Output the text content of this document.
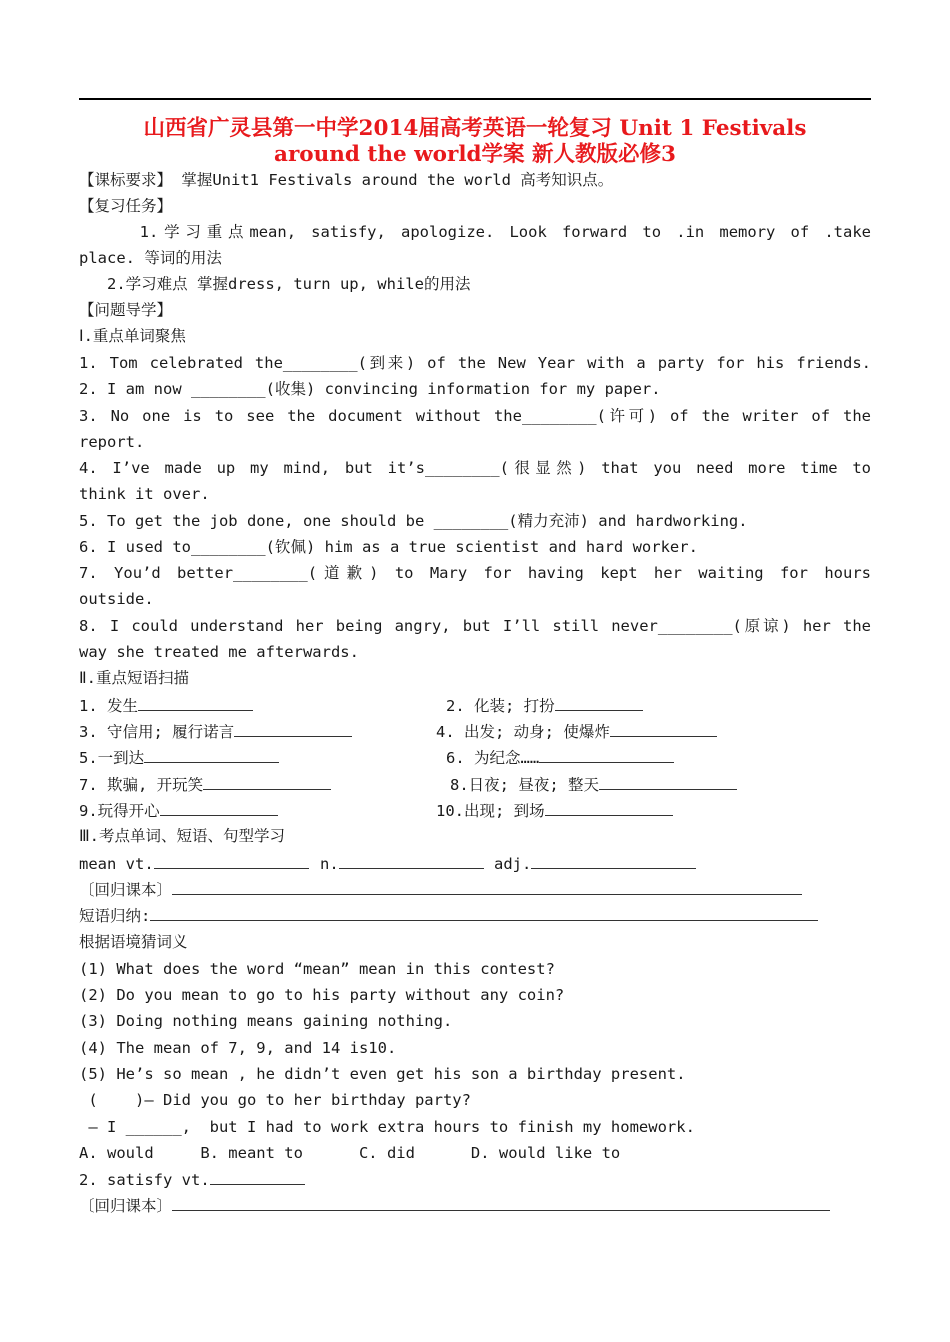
山西省广灵县第一中学2014届高考英语一轮复习 Unit 1 Festivals
around the world学案 新人教版必修3
【课标要求】 掌握Unit1 Festivals around the world 高考知识点。
【复习任务】
1.学习重点mean, satisfy, apologize. Look forward to .in memory of .take
place. 等词的用法
2.学习难点 掌握dress, turn up, while的用法
【问题导学】
Ⅰ.重点单词聚焦
1. Tom celebrated the________(到来) of the New Year with a party for his friends.
2. I am now ________(收集) convincing information for my paper.
3. No one is to see the document without the________(许可) of the writer of the
report.
4. I’ve made up my mind, but it’s________(很显然) that you need more time to
think it over.
5. To get the job done, one should be ________(精力充沛) and hardworking.
6. I used to________(钦佩) him as a true scientist and hard worker.
7. You’d better________(道歉) to Mary for having kept her waiting for hours
outside.
8. I could understand her being angry, but I’ll still never________(原谅) her the
way she treated me afterwards.
Ⅱ.重点短语扫描
1. 发生	2. 化装; 打扮
3. 守信用; 履行诺言	4. 出发; 动身; 使爆炸
5.一到达	6. 为纪念……
7. 欺骗, 开玩笑	8.日夜; 昼夜; 整天
9.玩得开心	10.出现; 到场
Ⅲ.考点单词、短语、句型学习
mean vt.	n.	adj.
〔回归课本〕
短语归纳:
根据语境猜词义
(1) What does the word “mean” mean in this contest?
(2) Do you mean to go to his party without any coin?
(3) Doing nothing means gaining nothing.
(4) The mean of 7, 9, and 14 is10.
(5) He’s so mean , he didn’t even get his son a birthday present.
(    )— Did you go to her birthday party?
— I ______,  but I had to work extra hours to finish my homework.
A. would     B. meant to      C. did      D. would like to
2. satisfy vt.
〔回归课本〕
